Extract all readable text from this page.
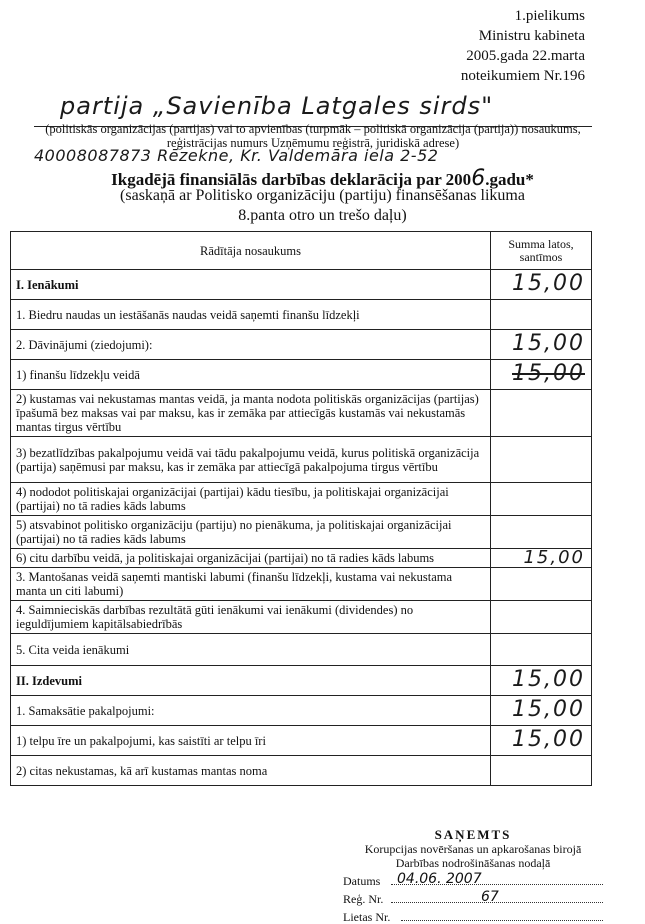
1.pielikums
Ministru kabineta
2005.gada 22.marta
noteikumiem Nr.196
partija „Savienība Latgales sirds"
(politiskās organizācijas (partijas) vai to apvienības (turpmāk – politiskā organizācija (partija)) nosaukums, reģistrācijas numurs Uzņēmumu reģistrā, juridiskā adrese)
40008087873 Rēzekne, Kr. Valdemāra iela 2-52
Ikgadējā finansiālās darbības deklarācija par 2006.gadu*
(saskaņā ar Politisko organizāciju (partiju) finansēšanas likuma
8.panta otro un trešo daļu)
Rādītāja nosaukums	Summa latos, santīmos
I. Ienākumi	15,00
1. Biedru naudas un iestāšanās naudas veidā saņemti finanšu līdzekļi	
2. Dāvinājumi (ziedojumi):	15,00
1) finanšu līdzekļu veidā	15,00
2) kustamas vai nekustamas mantas veidā, ja manta nodota politiskās organizācijas (partijas) īpašumā bez maksas vai par maksu, kas ir zemāka par attiecīgās kustamās vai nekustamās mantas tirgus vērtību	
3) bezatlīdzības pakalpojumu veidā vai tādu pakalpojumu veidā, kurus politiskā organizācija (partija) saņēmusi par maksu, kas ir zemāka par attiecīgā pakalpojuma tirgus vērtību	
4) nododot politiskajai organizācijai (partijai) kādu tiesību, ja politiskajai organizācijai (partijai) no tā radies kāds labums	
5) atsvabinot politisko organizāciju (partiju) no pienākuma, ja politiskajai organizācijai (partijai) no tā radies kāds labums	
6) citu darbību veidā, ja politiskajai organizācijai (partijai) no tā radies kāds labums	15,00
3. Mantošanas veidā saņemti mantiski labumi (finanšu līdzekļi, kustama vai nekustama manta un citi labumi)	
4. Saimnieciskās darbības rezultātā gūti ienākumi vai ienākumi (dividendes) no ieguldījumiem kapitālsabiedrībās	
5. Cita veida ienākumi	
II. Izdevumi	15,00
1. Samaksātie pakalpojumi:	15,00
1) telpu īre un pakalpojumi, kas saistīti ar telpu īri	15,00
2) citas nekustamas, kā arī kustamas mantas noma	
SAŅEMTS
Korupcijas novēršanas un apkarošanas birojā
Darbības nodrošināšanas nodaļā
Datums	04.06. 2007
Reģ. Nr.	67
Lietas Nr.
